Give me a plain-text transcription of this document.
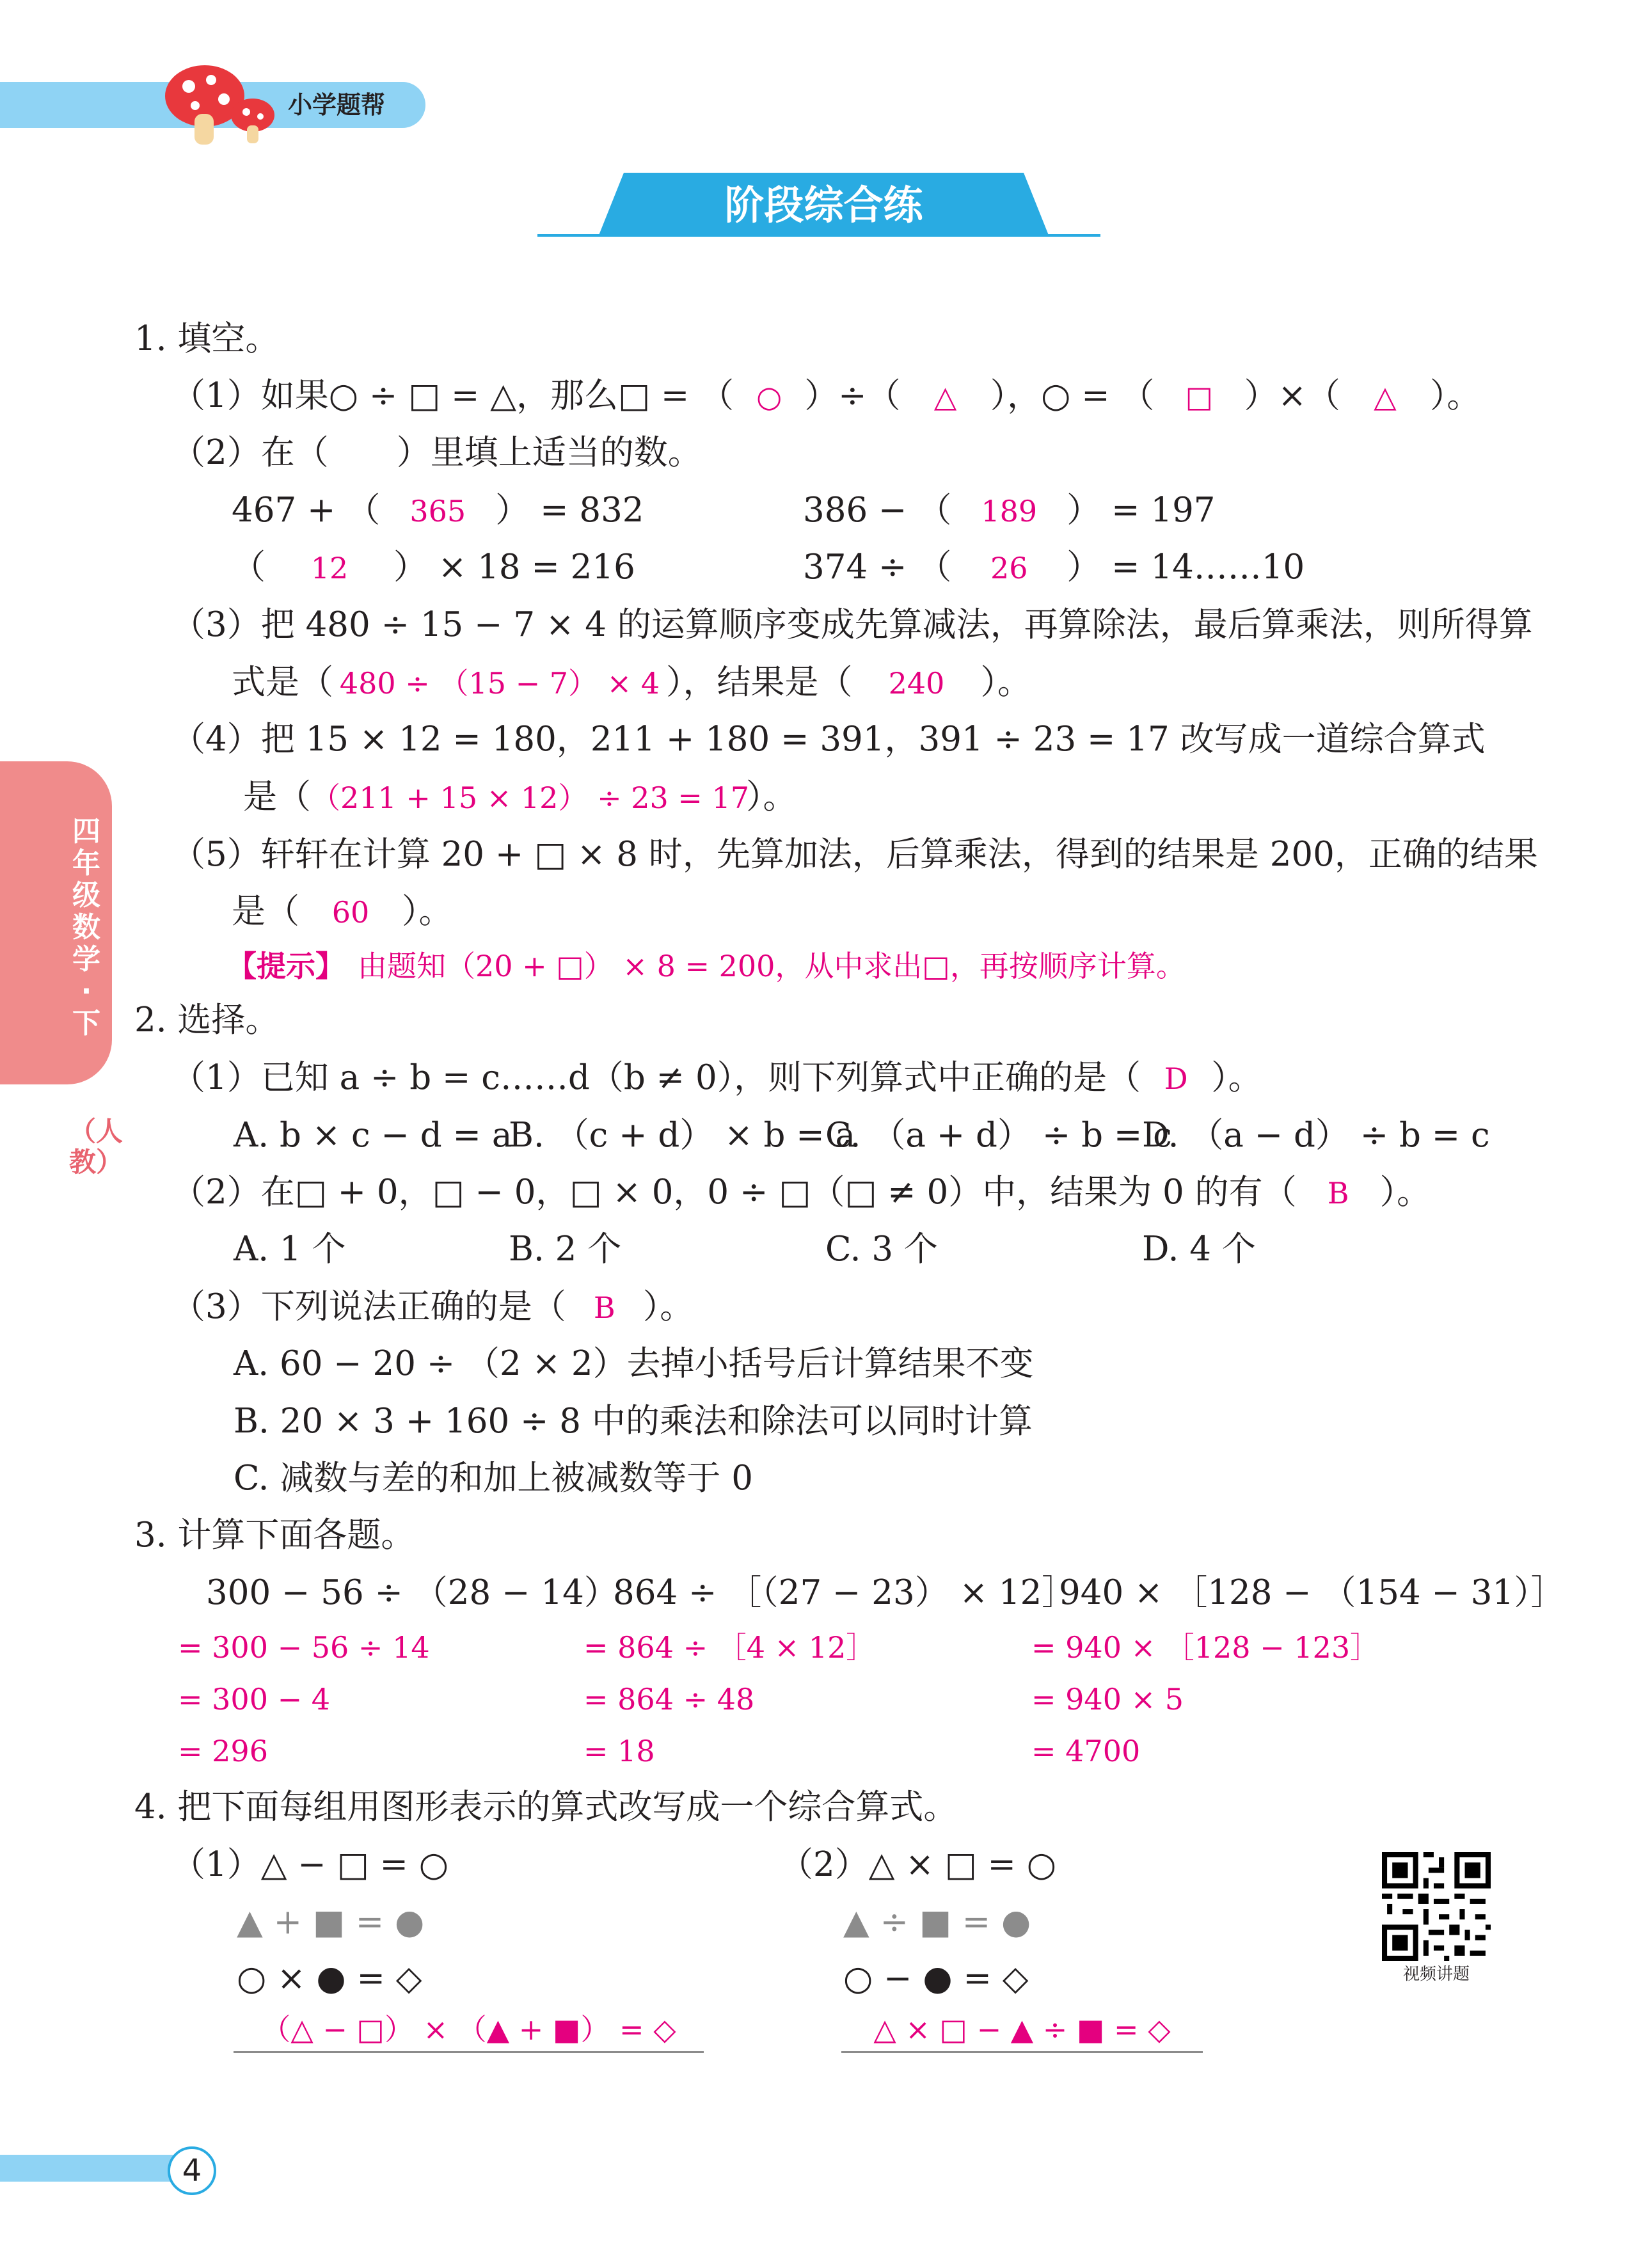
小学题帮
阶段综合练
四年级数学·下
（人教）
1. 填空。
（1）如果○ ÷ □ = △，那么□ = （ ○ ）÷（ △ ），○ = （ □ ）×（ △ ）。
（2）在（　　）里填上适当的数。
467 + （ 365 ） = 832	386 − （ 189 ） = 197
（ 12 ） × 18 = 216	374 ÷ （ 26 ） = 14……10
（3）把 480 ÷ 15 − 7 × 4 的运算顺序变成先算减法，再算除法，最后算乘法，则所得算
式是（ 480 ÷ （15 − 7） × 4 ），结果是（ 240 ）。
（4）把 15 × 12 = 180，211 + 180 = 391，391 ÷ 23 = 17 改写成一道综合算式
是（（211 + 15 × 12） ÷ 23 = 17）。
（5）轩轩在计算 20 + □ × 8 时，先算加法，后算乘法，得到的结果是 200，正确的结果
是（ 60 ）。
【提示】 由题知（20 + □） × 8 = 200，从中求出□，再按顺序计算。
2. 选择。
（1）已知 a ÷ b = c……d（b ≠ 0），则下列算式中正确的是（ D ）。
A. b × c − d = a
B. （c + d） × b = a
C. （a + d） ÷ b = c
D. （a − d） ÷ b = c
（2）在□ + 0，□ − 0，□ × 0，0 ÷ □（□ ≠ 0）中，结果为 0 的有（ B ）。
A. 1 个	B. 2 个	C. 3 个	D. 4 个
（3）下列说法正确的是（ B ）。
A. 60 − 20 ÷ （2 × 2）去掉小括号后计算结果不变
B. 20 × 3 + 160 ÷ 8 中的乘法和除法可以同时计算
C. 减数与差的和加上被减数等于 0
3. 计算下面各题。
300 − 56 ÷ （28 − 14）
= 300 − 56 ÷ 14
= 300 − 4
= 296
864 ÷ ［（27 − 23） × 12］
= 864 ÷ ［4 × 12］
= 864 ÷ 48
= 18
940 × ［128 − （154 − 31）］
= 940 × ［128 − 123］
= 940 × 5
= 4700
4. 把下面每组用图形表示的算式改写成一个综合算式。
（1）△ − □ = ○
▲ + ■ = ●
○ × ● = ◇
（△ − □） × （▲ + ■） = ◇
（2）△ × □ = ○
▲ ÷ ■ = ●
○ − ● = ◇
△ × □ − ▲ ÷ ■ = ◇
视频讲题
4
